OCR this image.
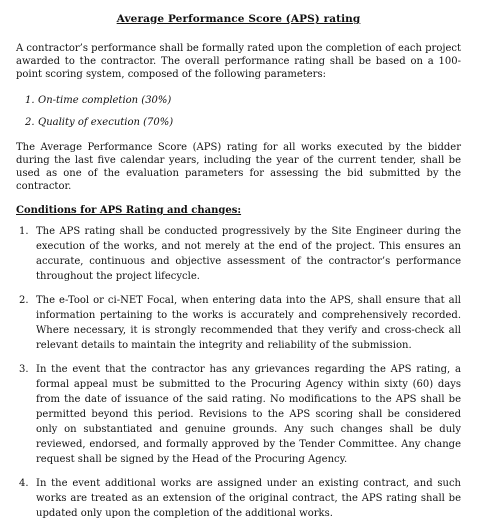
Average Performance Score (APS) rating

A contractor’s performance shall be formally rated upon the completion of each project awarded to the contractor. The overall performance rating shall be based on a 100-point scoring system, composed of the following parameters:

1. On-time completion (30%)
2. Quality of execution (70%)

The Average Performance Score (APS) rating for all works executed by the bidder during the last five calendar years, including the year of the current tender, shall be used as one of the evaluation parameters for assessing the bid submitted by the contractor.

Conditions for APS Rating and changes:
1. The APS rating shall be conducted progressively by the Site Engineer during the execution of the works, and not merely at the end of the project. This ensures an accurate, continuous and objective assessment of the contractor’s performance throughout the project lifecycle.
2. The e-Tool or ci-NET Focal, when entering data into the APS, shall ensure that all information pertaining to the works is accurately and comprehensively recorded. Where necessary, it is strongly recommended that they verify and cross-check all relevant details to maintain the integrity and reliability of the submission.
3. In the event that the contractor has any grievances regarding the APS rating, a formal appeal must be submitted to the Procuring Agency within sixty (60) days from the date of issuance of the said rating. No modifications to the APS shall be permitted beyond this period. Revisions to the APS scoring shall be considered only on substantiated and genuine grounds. Any such changes shall be duly reviewed, endorsed, and formally approved by the Tender Committee. Any change request shall be signed by the Head of the Procuring Agency.
4. In the event additional works are assigned under an existing contract, and such works are treated as an extension of the original contract, the APS rating shall be updated only upon the completion of the additional works.
